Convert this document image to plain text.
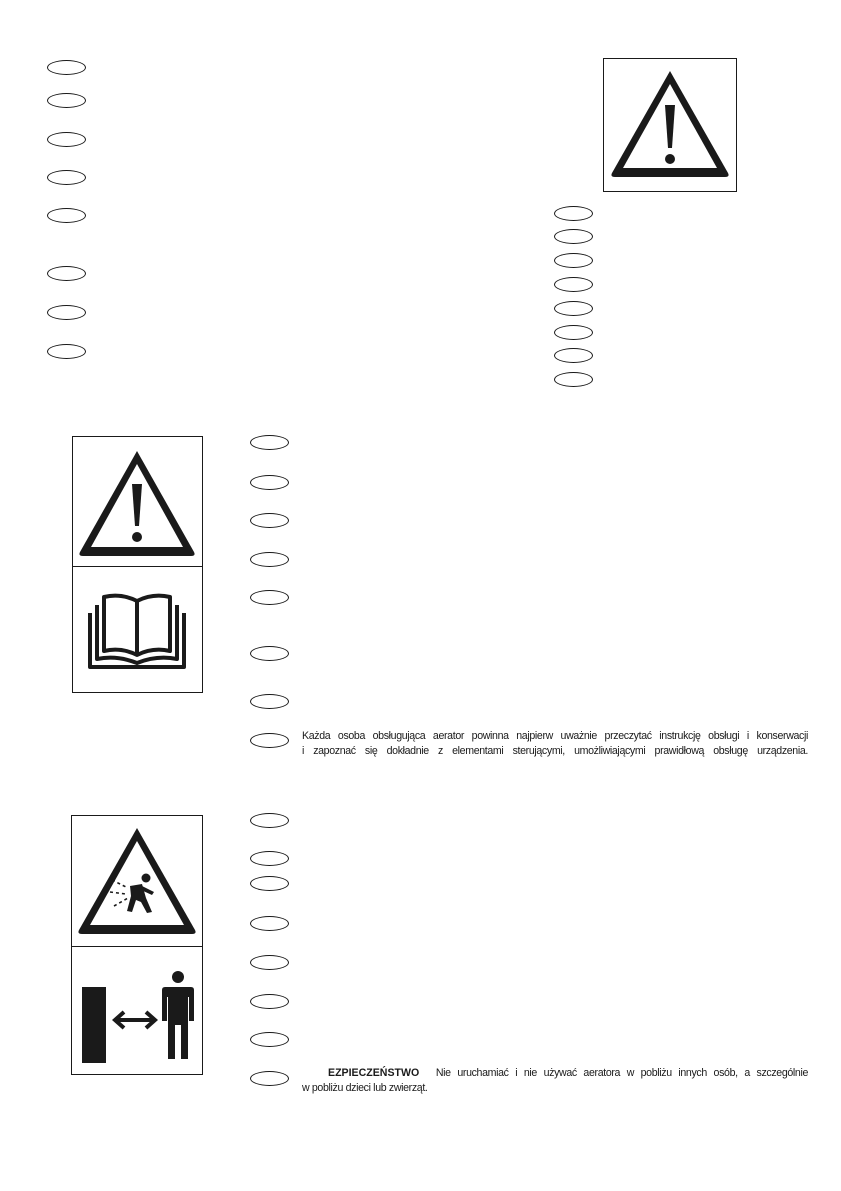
Każda osoba obsługująca aerator powinna najpierw uważnie przeczytać instrukcję obsługi i konserwacji
i zapoznać się dokładnie z elementami sterującymi, umożliwiającymi prawidłową obsługę urządzenia.
EZPIECZEŃSTWO Nie uruchamiać i nie używać aeratora w pobliżu innych osób, a szczególnie
w pobliżu dzieci lub zwierząt.
